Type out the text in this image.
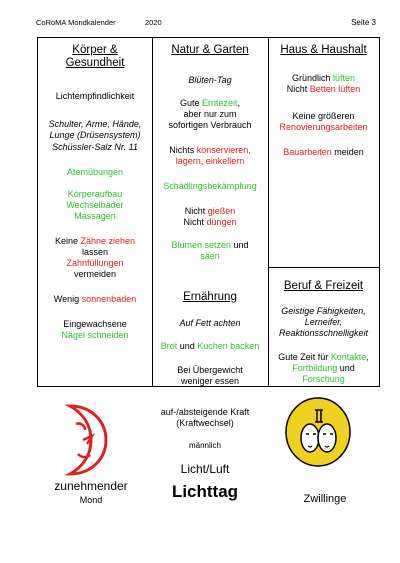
CoRoMA Mondkalender	2020	Seite 3
Körper &
Gesundheit
Lichtempfindlichkeit
Schulter, Arme, Hände,
Lunge (Drüsensystem)
Schüssler-Salz Nr. 11
Atemübungen
Körperaufbau
Wechselbäder
Massagen
Keine Zähne ziehen
lassen
Zahnfüllungen
vermeiden
Wenig sonnenbaden
Eingewachsene
Nägel schneiden
Natur & Garten
Blüten-Tag
Gute Erntezeit,
aber nur zum
sofortigen Verbrauch
Nichts konservieren,
lagern, einkellern
Schädlingsbekämpfung
Nicht gießen
Nicht düngen
Blumen setzen und
säen
Ernährung
Auf Fett achten
Brot und Kuchen backen
Bei Übergewicht
weniger essen
Haus & Haushalt
Gründlich lüften
Nicht Betten lüften
Keine größeren
Renovierungsarbeiten
Bauarbeiten meiden
Beruf & Freizeit
Geistige Fähigkeiten,
Lerneifer,
Reaktionsschnelligkeit
Gute Zeit für Kontakte,
Fortbildung und
Forschung
zunehmender
Mond
auf-/absteigende Kraft
(Kraftwechsel)
männlich
Licht/Luft
Lichttag	Zwillinge
